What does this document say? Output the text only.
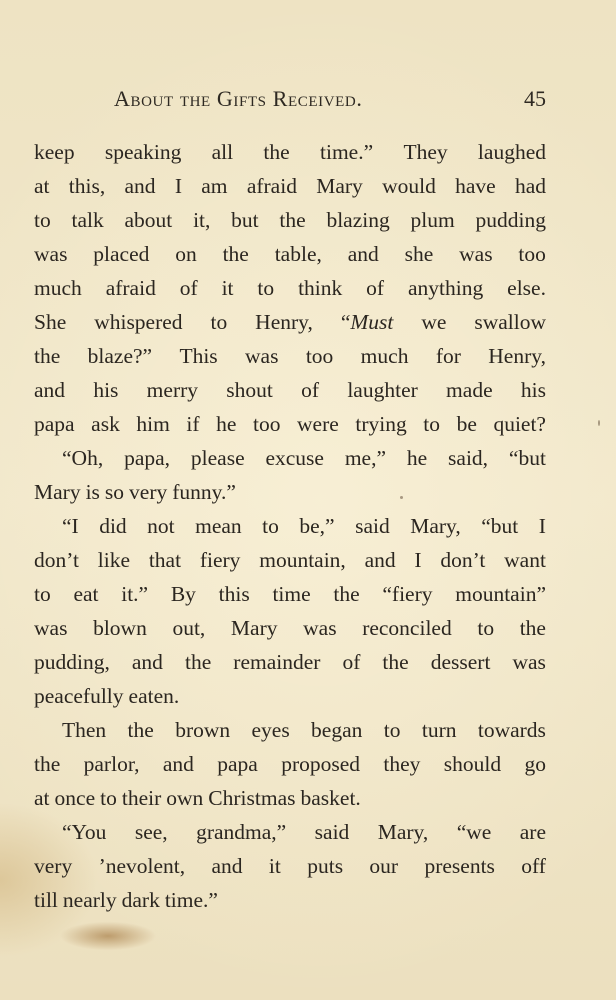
About the Gifts Received.	45
keep speaking all the time.” They laughed
at this, and I am afraid Mary would have had
to talk about it, but the blazing plum pudding
was placed on the table, and she was too
much afraid of it to think of anything else.
She whispered to Henry, “Must we swallow
the blaze?” This was too much for Henry,
and his merry shout of laughter made his
papa ask him if he too were trying to be quiet?
“Oh, papa, please excuse me,” he said, “but
Mary is so very funny.”
“I did not mean to be,” said Mary, “but I
don’t like that fiery mountain, and I don’t want
to eat it.” By this time the “fiery mountain”
was blown out, Mary was reconciled to the
pudding, and the remainder of the dessert was
peacefully eaten.
Then the brown eyes began to turn towards
the parlor, and papa proposed they should go
at once to their own Christmas basket.
“You see, grandma,” said Mary, “we are
very ’nevolent, and it puts our presents off
till nearly dark time.”
